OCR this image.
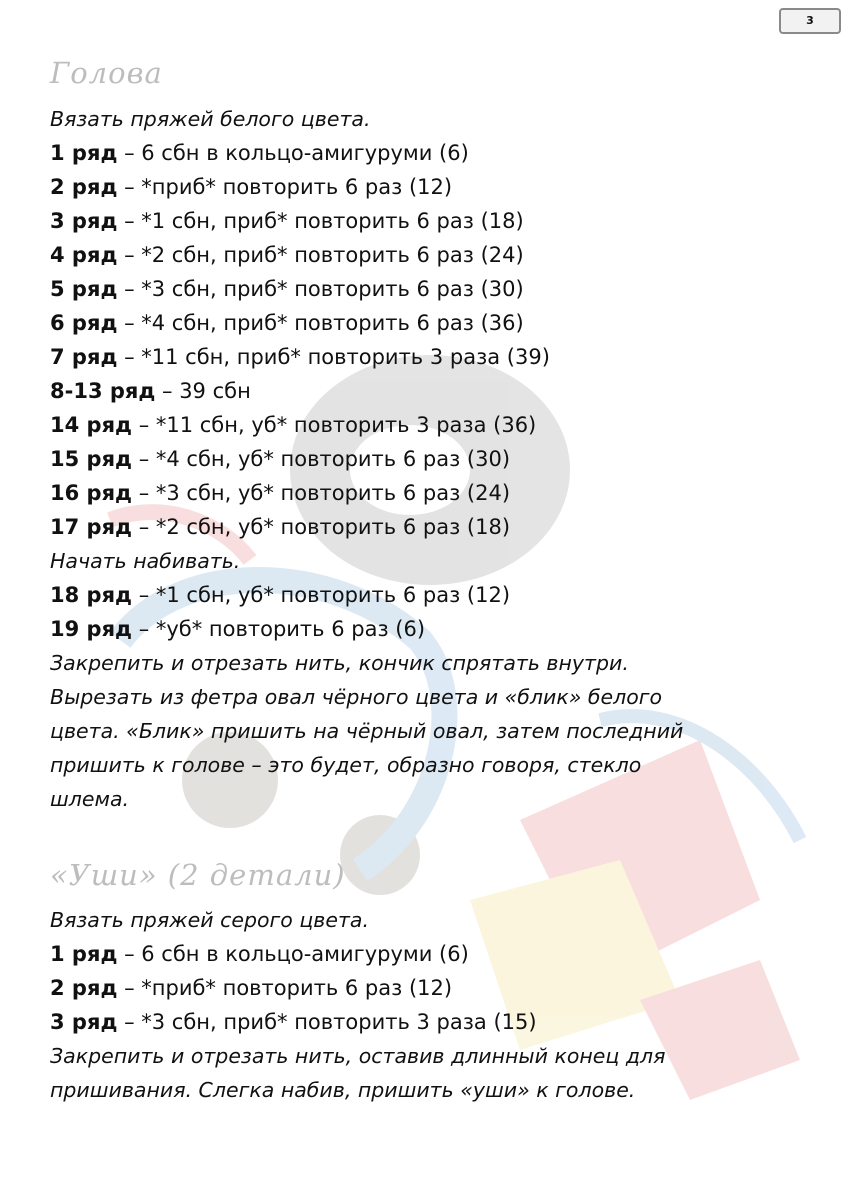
3
Голова
Вязать пряжей белого цвета.
1 ряд – 6 сбн в кольцо-амигуруми (6)
2 ряд – *приб* повторить 6 раз (12)
3 ряд – *1 сбн, приб* повторить 6 раз (18)
4 ряд – *2 сбн, приб* повторить 6 раз (24)
5 ряд – *3 сбн, приб* повторить 6 раз (30)
6 ряд – *4 сбн, приб* повторить 6 раз (36)
7 ряд – *11 сбн, приб* повторить 3 раза (39)
8-13 ряд – 39 сбн
14 ряд – *11 сбн, уб* повторить 3 раза (36)
15 ряд – *4 сбн, уб* повторить 6 раз (30)
16 ряд – *3 сбн, уб* повторить 6 раз (24)
17 ряд – *2 сбн, уб* повторить 6 раз (18)
Начать набивать.
18 ряд – *1 сбн, уб* повторить 6 раз (12)
19 ряд – *уб* повторить 6 раз (6)
Закрепить и отрезать нить, кончик спрятать внутри.
Вырезать из фетра овал чёрного цвета и «блик» белого
цвета. «Блик» пришить на чёрный овал, затем последний
пришить к голове – это будет, образно говоря, стекло
шлема.
«Уши» (2 детали)
Вязать пряжей серого цвета.
1 ряд – 6 сбн в кольцо-амигуруми (6)
2 ряд – *приб* повторить 6 раз (12)
3 ряд – *3 сбн, приб* повторить 3 раза (15)
Закрепить и отрезать нить, оставив длинный конец для
пришивания. Слегка набив, пришить «уши» к голове.
